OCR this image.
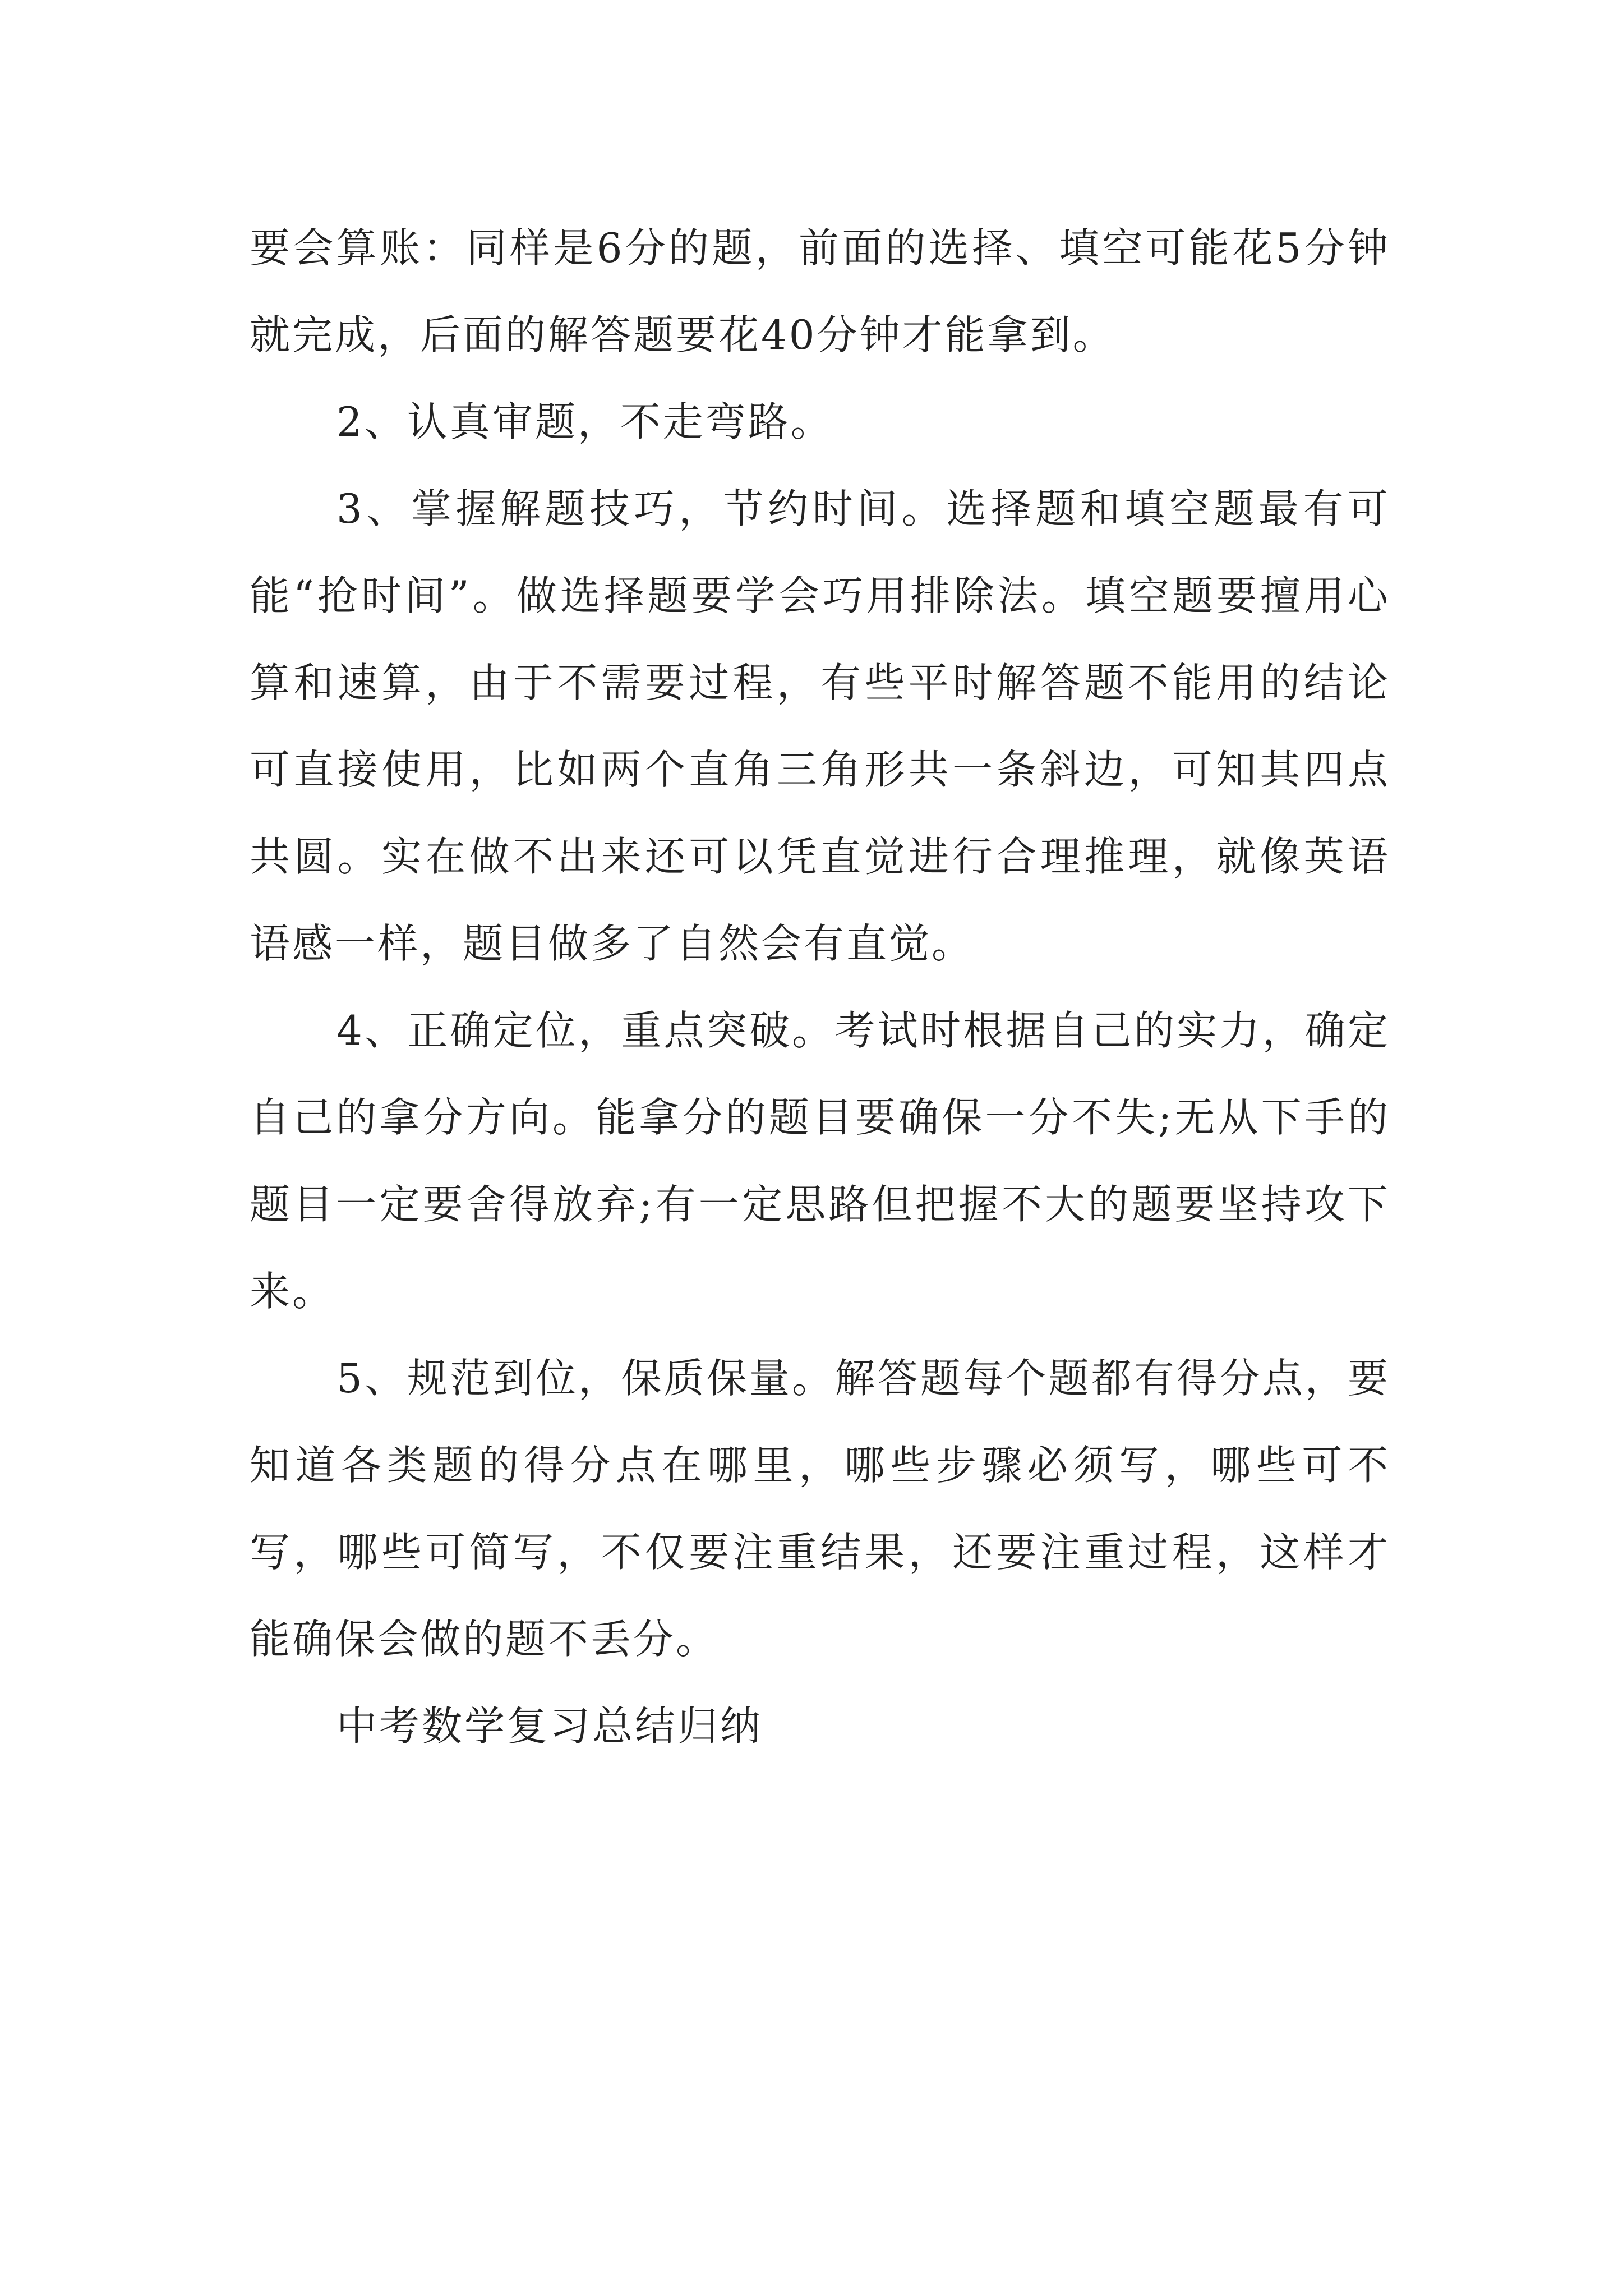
要会算账：同样是6分的题，前面的选择、填空可能花5分钟就完成，后面的解答题要花40分钟才能拿到。

2、认真审题，不走弯路。

3、掌握解题技巧，节约时间。选择题和填空题最有可能“抢时间”。做选择题要学会巧用排除法。填空题要擅用心算和速算，由于不需要过程，有些平时解答题不能用的结论可直接使用，比如两个直角三角形共一条斜边，可知其四点共圆。实在做不出来还可以凭直觉进行合理推理，就像英语语感一样，题目做多了自然会有直觉。

4、正确定位，重点突破。考试时根据自己的实力，确定自己的拿分方向。能拿分的题目要确保一分不失;无从下手的题目一定要舍得放弃;有一定思路但把握不大的题要坚持攻下来。

5、规范到位，保质保量。解答题每个题都有得分点，要知道各类题的得分点在哪里，哪些步骤必须写，哪些可不写，哪些可简写，不仅要注重结果，还要注重过程，这样才能确保会做的题不丢分。

中考数学复习总结归纳
